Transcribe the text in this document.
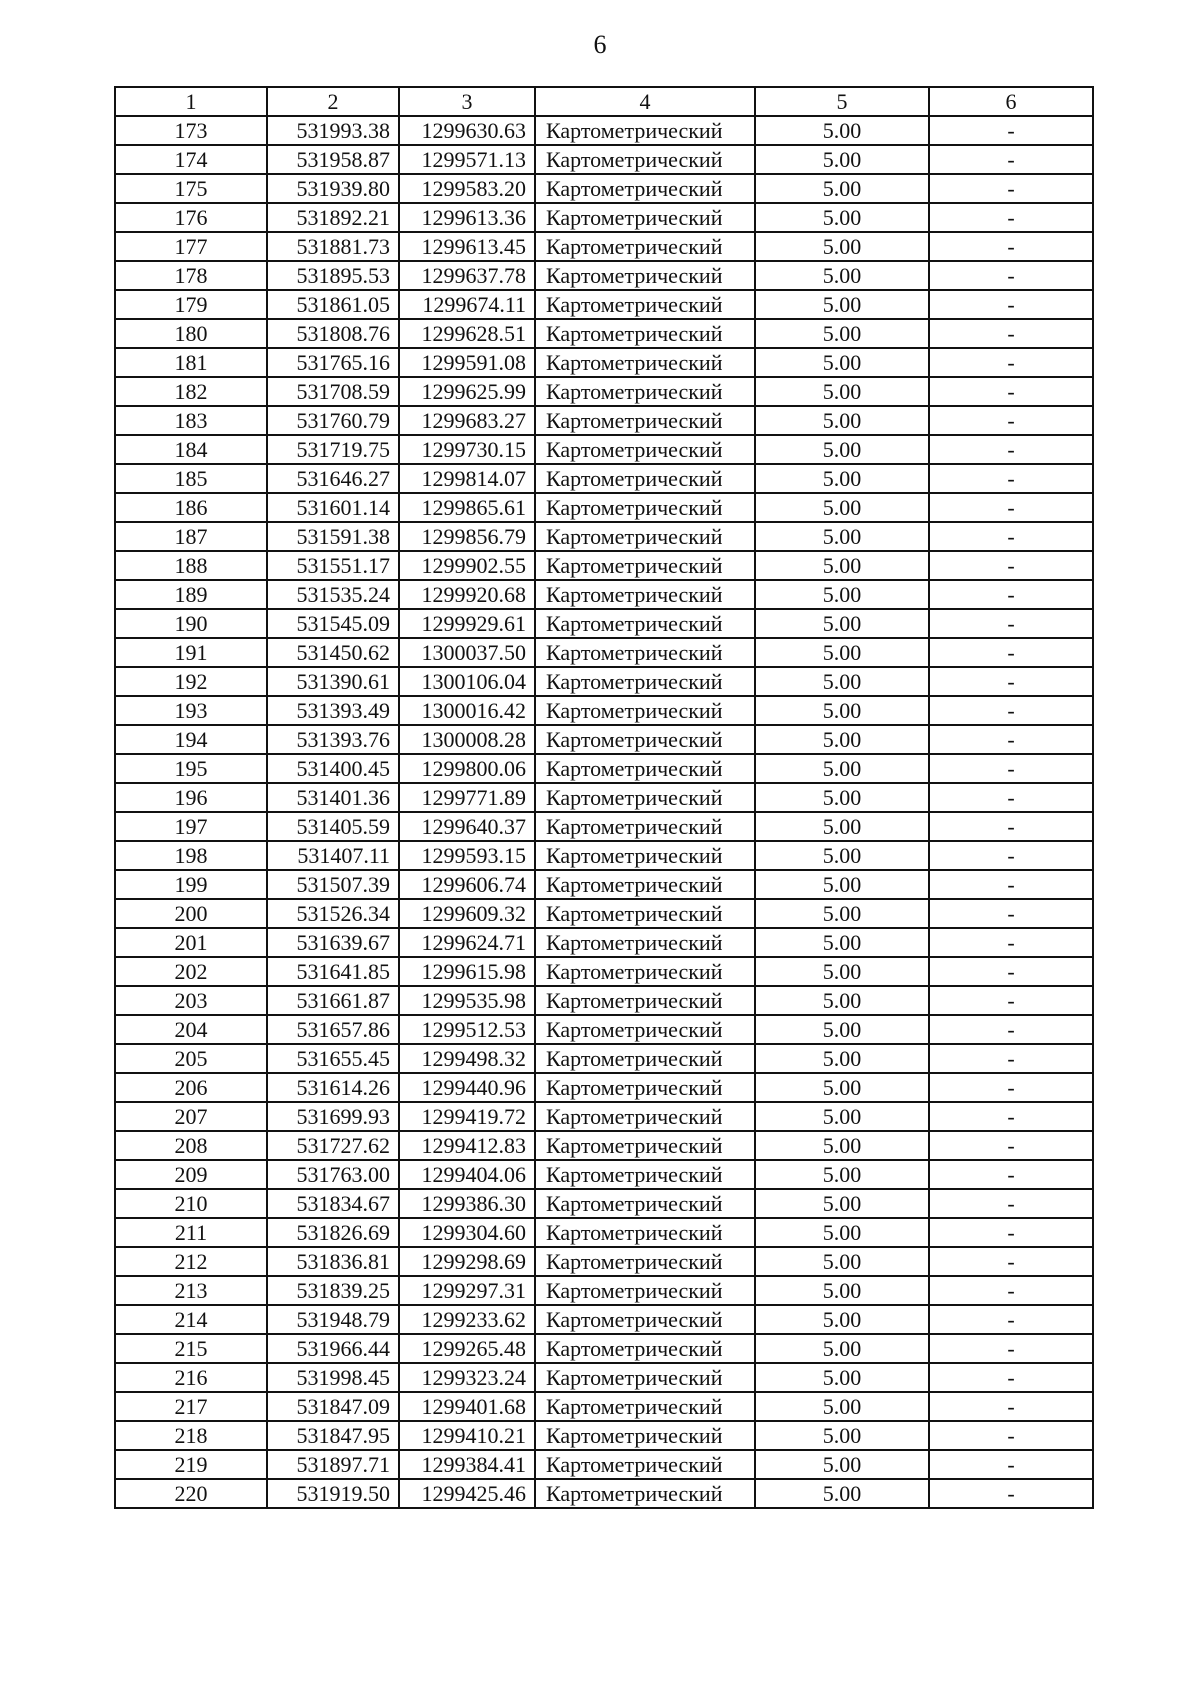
6
1	2	3	4	5	6
173	531993.38	1299630.63	Картометрический	5.00	-
174	531958.87	1299571.13	Картометрический	5.00	-
175	531939.80	1299583.20	Картометрический	5.00	-
176	531892.21	1299613.36	Картометрический	5.00	-
177	531881.73	1299613.45	Картометрический	5.00	-
178	531895.53	1299637.78	Картометрический	5.00	-
179	531861.05	1299674.11	Картометрический	5.00	-
180	531808.76	1299628.51	Картометрический	5.00	-
181	531765.16	1299591.08	Картометрический	5.00	-
182	531708.59	1299625.99	Картометрический	5.00	-
183	531760.79	1299683.27	Картометрический	5.00	-
184	531719.75	1299730.15	Картометрический	5.00	-
185	531646.27	1299814.07	Картометрический	5.00	-
186	531601.14	1299865.61	Картометрический	5.00	-
187	531591.38	1299856.79	Картометрический	5.00	-
188	531551.17	1299902.55	Картометрический	5.00	-
189	531535.24	1299920.68	Картометрический	5.00	-
190	531545.09	1299929.61	Картометрический	5.00	-
191	531450.62	1300037.50	Картометрический	5.00	-
192	531390.61	1300106.04	Картометрический	5.00	-
193	531393.49	1300016.42	Картометрический	5.00	-
194	531393.76	1300008.28	Картометрический	5.00	-
195	531400.45	1299800.06	Картометрический	5.00	-
196	531401.36	1299771.89	Картометрический	5.00	-
197	531405.59	1299640.37	Картометрический	5.00	-
198	531407.11	1299593.15	Картометрический	5.00	-
199	531507.39	1299606.74	Картометрический	5.00	-
200	531526.34	1299609.32	Картометрический	5.00	-
201	531639.67	1299624.71	Картометрический	5.00	-
202	531641.85	1299615.98	Картометрический	5.00	-
203	531661.87	1299535.98	Картометрический	5.00	-
204	531657.86	1299512.53	Картометрический	5.00	-
205	531655.45	1299498.32	Картометрический	5.00	-
206	531614.26	1299440.96	Картометрический	5.00	-
207	531699.93	1299419.72	Картометрический	5.00	-
208	531727.62	1299412.83	Картометрический	5.00	-
209	531763.00	1299404.06	Картометрический	5.00	-
210	531834.67	1299386.30	Картометрический	5.00	-
211	531826.69	1299304.60	Картометрический	5.00	-
212	531836.81	1299298.69	Картометрический	5.00	-
213	531839.25	1299297.31	Картометрический	5.00	-
214	531948.79	1299233.62	Картометрический	5.00	-
215	531966.44	1299265.48	Картометрический	5.00	-
216	531998.45	1299323.24	Картометрический	5.00	-
217	531847.09	1299401.68	Картометрический	5.00	-
218	531847.95	1299410.21	Картометрический	5.00	-
219	531897.71	1299384.41	Картометрический	5.00	-
220	531919.50	1299425.46	Картометрический	5.00	-
